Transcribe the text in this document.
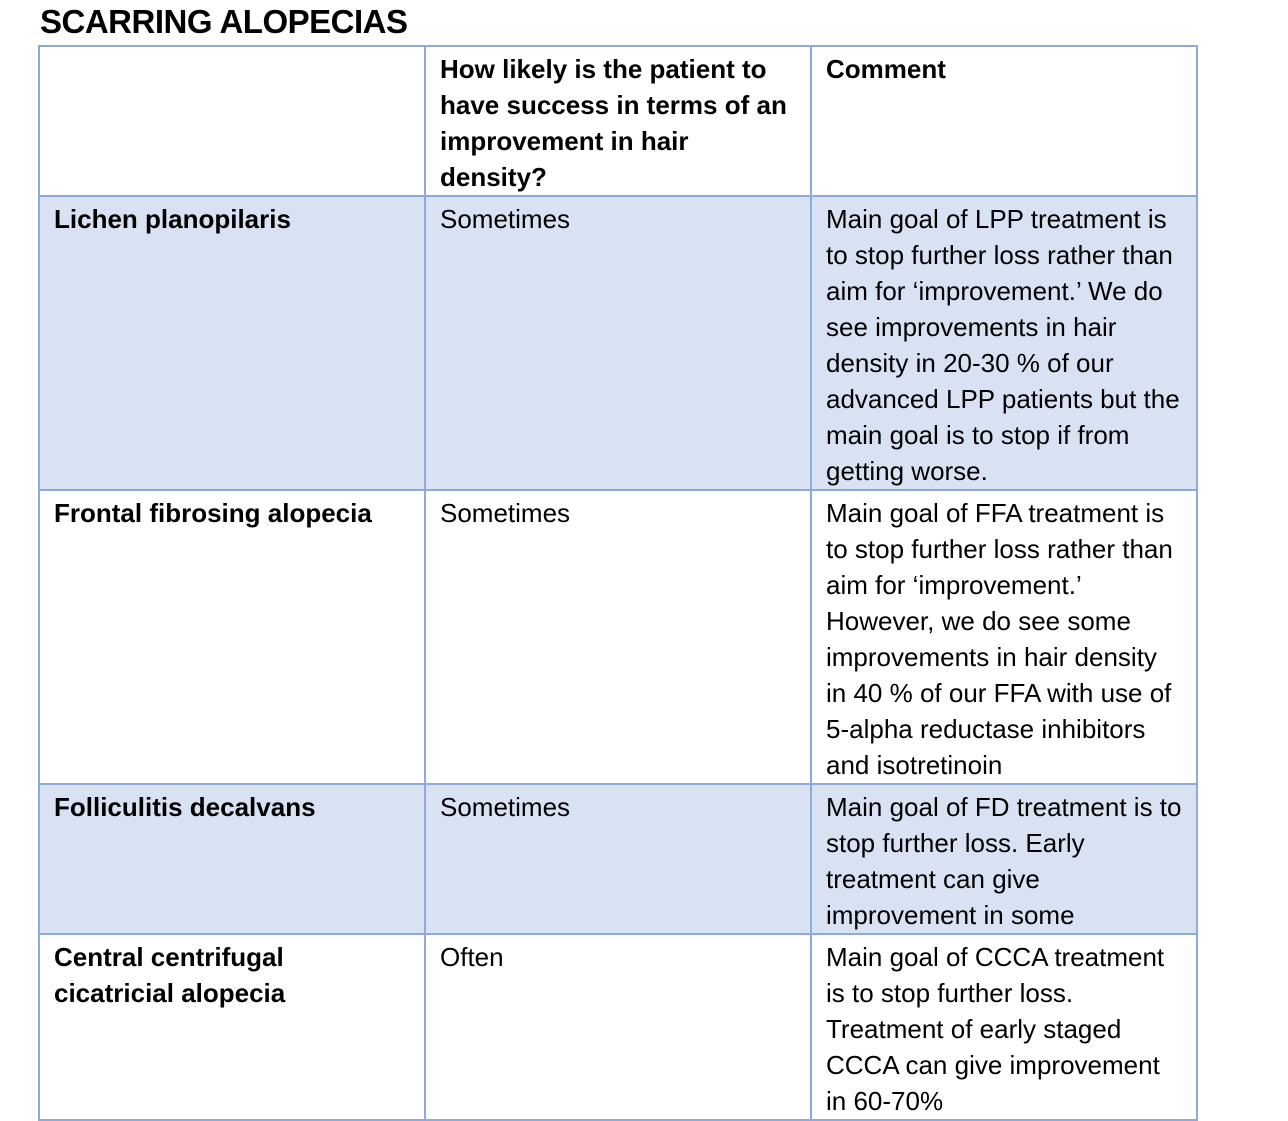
SCARRING ALOPECIAS
	How likely is the patient to have success in terms of an improvement in hair density?	Comment
Lichen planopilaris	Sometimes	Main goal of LPP treatment is to stop further loss rather than aim for ‘improvement.’ We do see improvements in hair density in 20-30 % of our advanced LPP patients but the main goal is to stop if from getting worse.
Frontal fibrosing alopecia	Sometimes	Main goal of FFA treatment is to stop further loss rather than aim for ‘improvement.’ However, we do see some improvements in hair density in 40 % of our FFA with use of 5-alpha reductase inhibitors and isotretinoin
Folliculitis decalvans	Sometimes	Main goal of FD treatment is to stop further loss. Early treatment can give improvement in some
Central centrifugal cicatricial alopecia	Often	Main goal of CCCA treatment is to stop further loss. Treatment of early staged CCCA can give improvement in 60-70%
